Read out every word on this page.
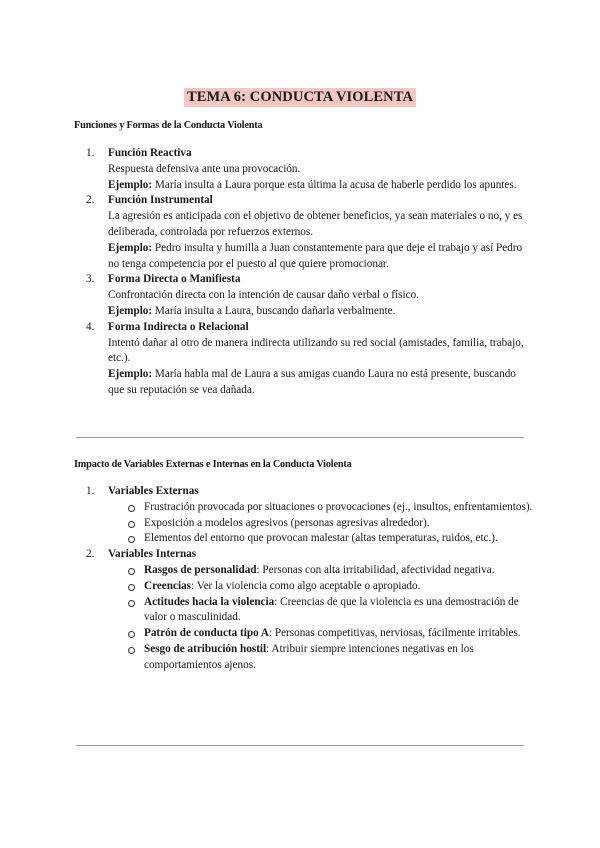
TEMA 6: CONDUCTA VIOLENTA
Funciones y Formas de la Conducta Violenta
1. Función Reactiva
Respuesta defensiva ante una provocación.
Ejemplo: María insulta a Laura porque esta última la acusa de haberle perdido los apuntes.
2. Función Instrumental
La agresión es anticipada con el objetivo de obtener beneficios, ya sean materiales o no, y es deliberada, controlada por refuerzos externos.
Ejemplo: Pedro insulta y humilla a Juan constantemente para que deje el trabajo y así Pedro no tenga competencia por el puesto al que quiere promocionar.
3. Forma Directa o Manifiesta
Confrontación directa con la intención de causar daño verbal o físico.
Ejemplo: María insulta a Laura, buscando dañarla verbalmente.
4. Forma Indirecta o Relacional
Intentó dañar al otro de manera indirecta utilizando su red social (amistades, familia, trabajo, etc.).
Ejemplo: María habla mal de Laura a sus amigas cuando Laura no está presente, buscando que su reputación se vea dañada.
Impacto de Variables Externas e Internas en la Conducta Violenta
1. Variables Externas
Frustración provocada por situaciones o provocaciones (ej., insultos, enfrentamientos).
Exposición a modelos agresivos (personas agresivas alrededor).
Elementos del entorno que provocan malestar (altas temperaturas, ruidos, etc.).
2. Variables Internas
Rasgos de personalidad: Personas con alta irritabilidad, afectividad negativa.
Creencias: Ver la violencia como algo aceptable o apropiado.
Actitudes hacia la violencia: Creencias de que la violencia es una demostración de valor o masculinidad.
Patrón de conducta tipo A: Personas competitivas, nerviosas, fácilmente irritables.
Sesgo de atribución hostil: Atribuir siempre intenciones negativas en los comportamientos ajenos.
